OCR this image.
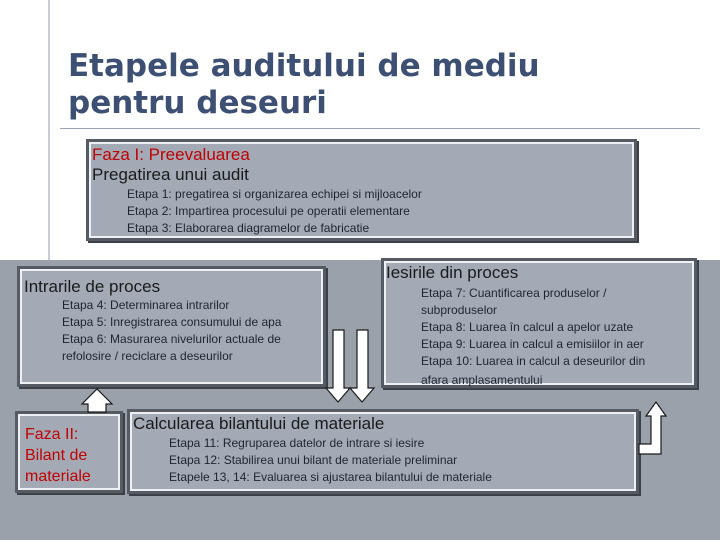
Etapele auditului de mediu
pentru deseuri
Faza I: Preevaluarea
Pregatirea unui audit
Etapa 1: pregatirea si organizarea echipei si mijloacelor
Etapa 2: Impartirea procesului pe operatii elementare
Etapa 3: Elaborarea diagramelor de fabricatie
Intrarile de proces
Etapa 4: Determinarea intrarilor
Etapa 5: Inregistrarea consumului de apa
Etapa 6: Masurarea nivelurilor actuale de
refolosire / reciclare a deseurilor
Iesirile din proces
Etapa 7: Cuantificarea produselor /
subproduselor
Etapa 8: Luarea în calcul a apelor uzate
Etapa 9: Luarea in calcul a emisiilor in aer
Etapa 10: Luarea in calcul a deseurilor din
afara amplasamentului
Calcularea bilantului de materiale
Etapa 11: Regruparea datelor de intrare si iesire
Etapa 12: Stabilirea unui bilant de materiale preliminar
Etapele 13, 14: Evaluarea si ajustarea bilantului de materiale
Faza II:
Bilant de
materiale
